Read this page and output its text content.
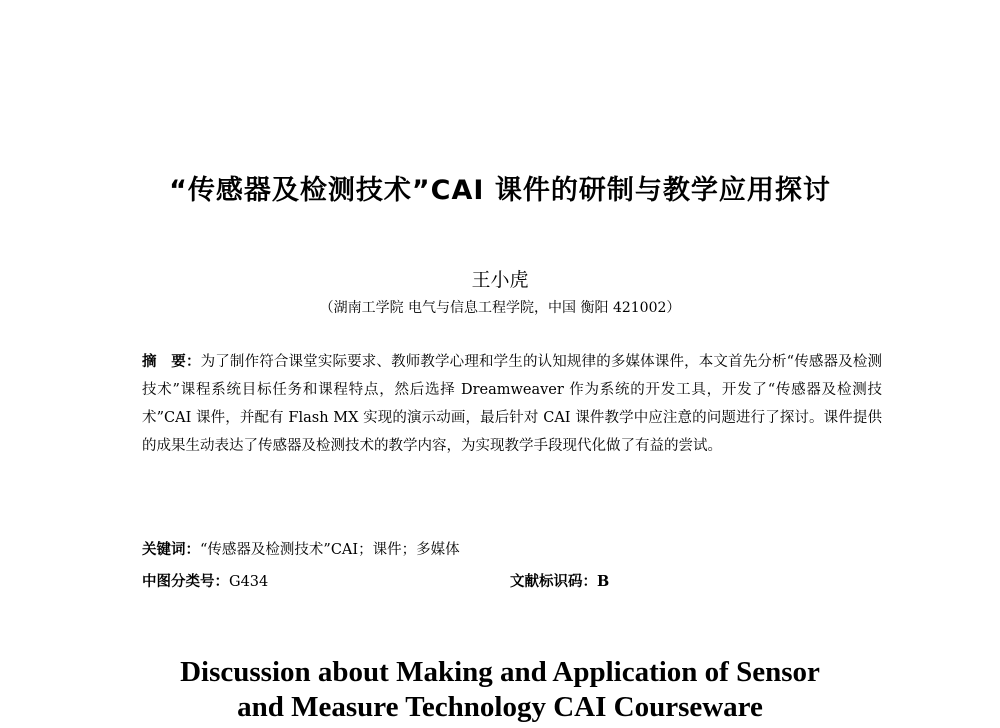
“传感器及检测技术”CAI 课件的研制与教学应用探讨
王小虎
（湖南工学院 电气与信息工程学院，中国 衡阳 421002）
摘　要：为了制作符合课堂实际要求、教师教学心理和学生的认知规律的多媒体课件，本文首先分析“传感器及检测技术”课程系统目标任务和课程特点，然后选择 Dreamweaver 作为系统的开发工具，开发了“传感器及检测技术”CAI 课件，并配有 Flash MX 实现的演示动画，最后针对 CAI 课件教学中应注意的问题进行了探讨。课件提供的成果生动表达了传感器及检测技术的教学内容，为实现教学手段现代化做了有益的尝试。
关键词：“传感器及检测技术”CAI；课件；多媒体
中图分类号：G434	文献标识码：B
Discussion about Making and Application of Sensor
and Measure Technology CAI Courseware
